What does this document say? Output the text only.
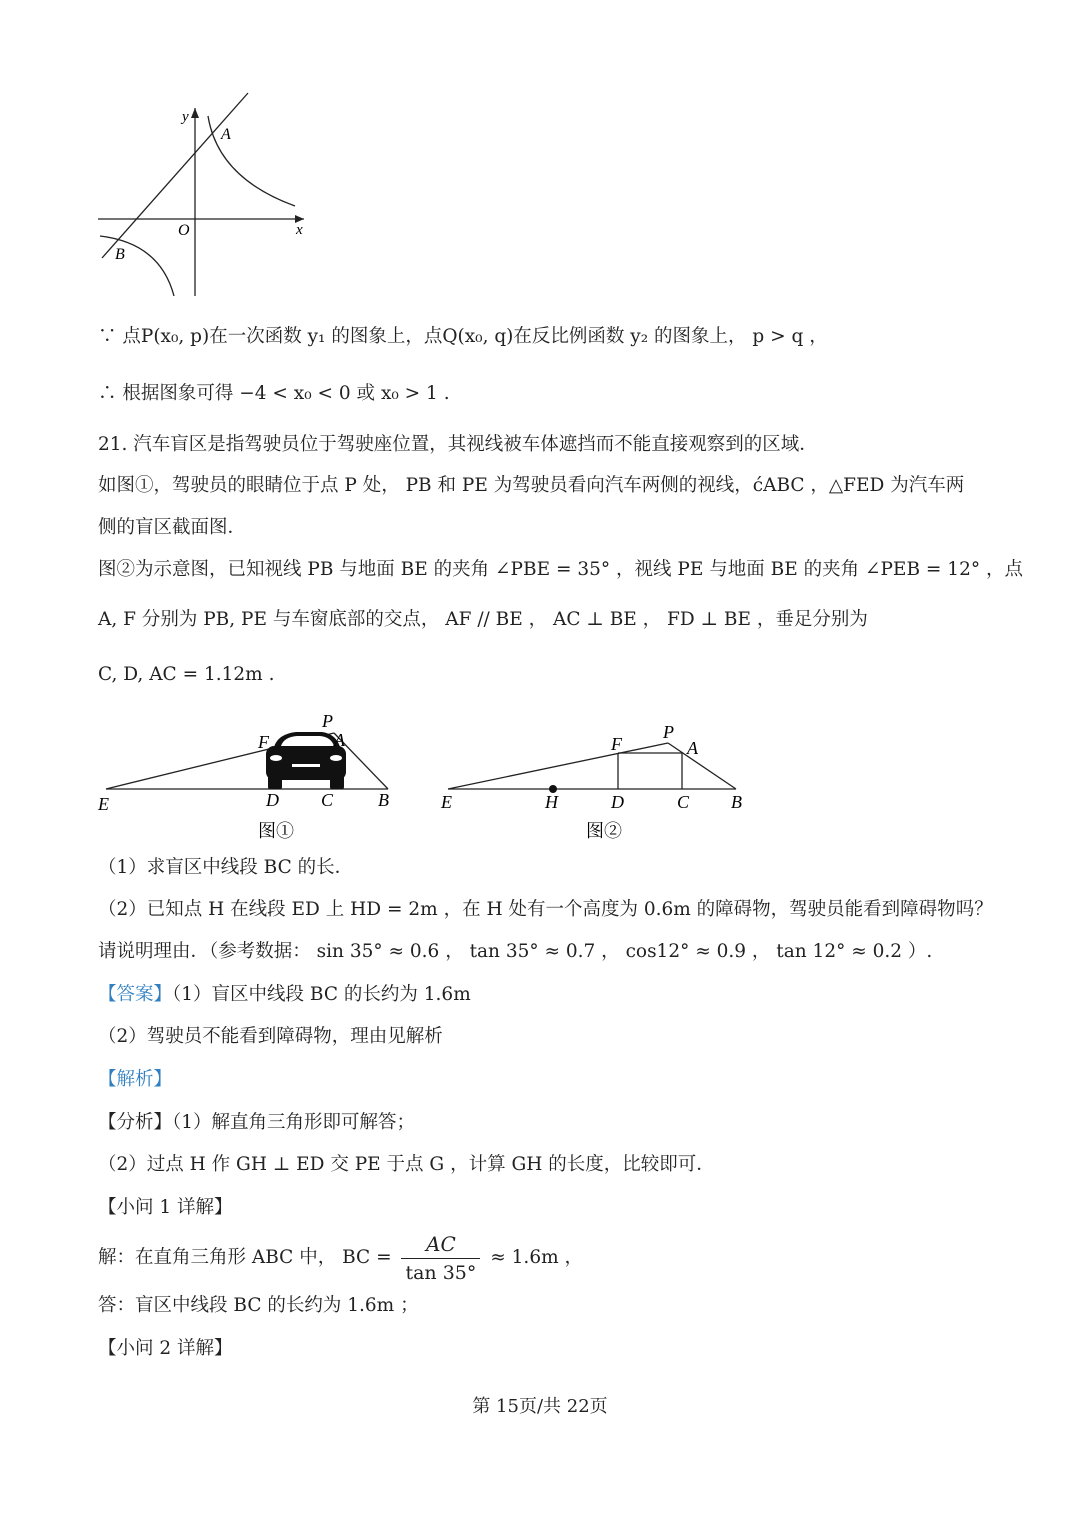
y
x
O
A
B
∵ 点P(x₀, p)在一次函数 y₁ 的图象上，点Q(x₀, q)在反比例函数 y₂ 的图象上， p > q ，
∴ 根据图象可得 −4 < x₀ < 0 或 x₀ > 1 .
21. 汽车盲区是指驾驶员位于驾驶座位置，其视线被车体遮挡而不能直接观察到的区域．
如图①，驾驶员的眼睛位于点 P 处， PB 和 PE 为驾驶员看向汽车两侧的视线，ćABC ，△FED 为汽车两
侧的盲区截面图．
图②为示意图，已知视线 PB 与地面 BE 的夹角 ∠PBE = 35° ，视线 PE 与地面 BE 的夹角 ∠PEB = 12° ，点
A, F 分别为 PB, PE 与车窗底部的交点， AF // BE ， AC ⊥ BE ， FD ⊥ BE ，垂足分别为
C, D, AC = 1.12m .
P
F	A
E	D C B
图①
P
F	A
E	H	D	C B
图②
（1）求盲区中线段 BC 的长．
（2）已知点 H 在线段 ED 上 HD = 2m ，在 H 处有一个高度为 0.6m 的障碍物，驾驶员能看到障碍物吗？
请说明理由．（参考数据： sin 35° ≈ 0.6 ， tan 35° ≈ 0.7 ， cos12° ≈ 0.9 ， tan 12° ≈ 0.2 ）.
【答案】（1）盲区中线段 BC 的长约为 1.6m
（2）驾驶员不能看到障碍物，理由见解析
【解析】
【分析】（1）解直角三角形即可解答；
（2）过点 H 作 GH ⊥ ED 交 PE 于点 G ，计算 GH 的长度，比较即可．
【小问 1 详解】
解：在直角三角形 ABC 中， BC = $\frac{AC}{\tan 35^\circ} \approx 1.6m$ ，
答：盲区中线段 BC 的长约为 1.6m ；
【小问 2 详解】
第 15页/共 22页
